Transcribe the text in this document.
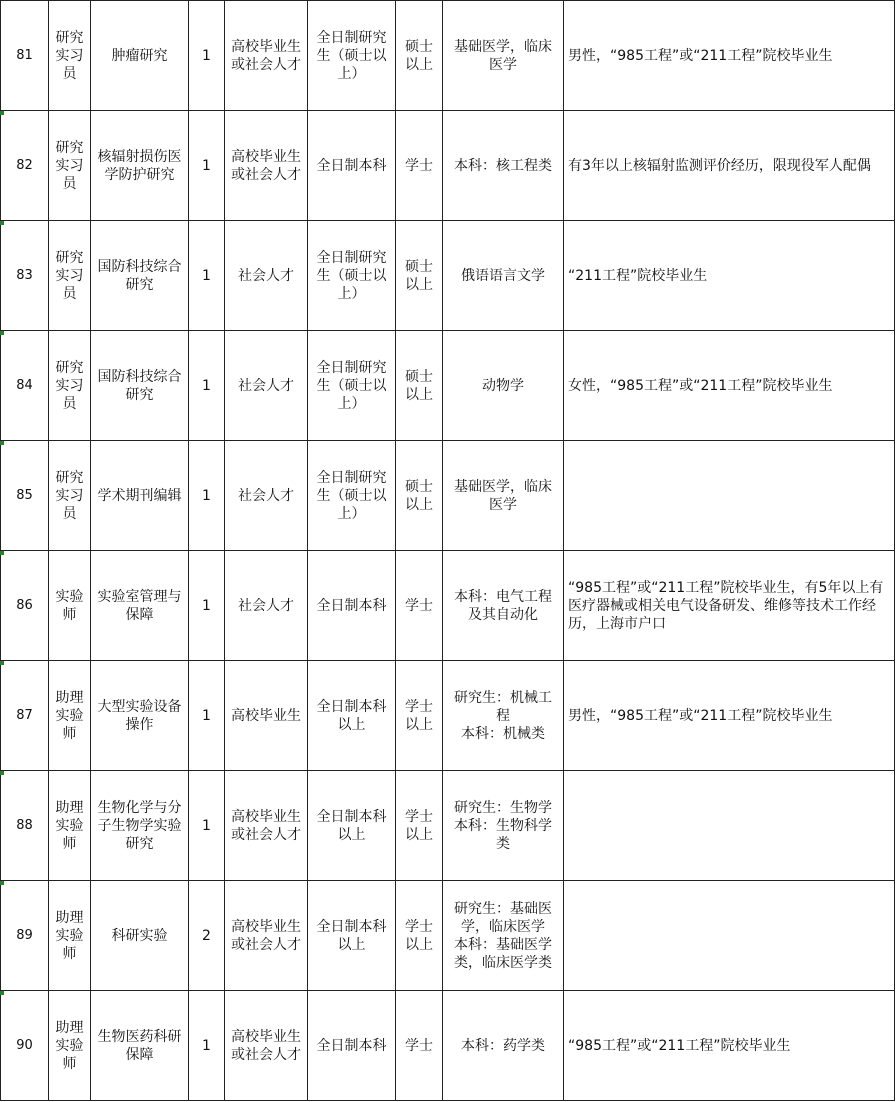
81	研究
实习
员	肿瘤研究	1	高校毕业生
或社会人才	全日制研究
生（硕士以
上）	硕士
以上	基础医学，临床
医学	男性，“985工程”或“211工程”院校毕业生
82	研究
实习
员	核辐射损伤医
学防护研究	1	高校毕业生
或社会人才	全日制本科	学士	本科：核工程类	有3年以上核辐射监测评价经历，限现役军人配偶
83	研究
实习
员	国防科技综合
研究	1	社会人才	全日制研究
生（硕士以
上）	硕士
以上	俄语语言文学	“211工程”院校毕业生
84	研究
实习
员	国防科技综合
研究	1	社会人才	全日制研究
生（硕士以
上）	硕士
以上	动物学	女性，“985工程”或“211工程”院校毕业生
85	研究
实习
员	学术期刊编辑	1	社会人才	全日制研究
生（硕士以
上）	硕士
以上	基础医学，临床
医学	
86	实验
师	实验室管理与
保障	1	社会人才	全日制本科	学士	本科：电气工程
及其自动化	“985工程”或“211工程”院校毕业生，有5年以上有医疗器械或相关电气设备研发、维修等技术工作经历，上海市户口
87	助理
实验
师	大型实验设备
操作	1	高校毕业生	全日制本科
以上	学士
以上	研究生：机械工
程
本科：机械类	男性，“985工程”或“211工程”院校毕业生
88	助理
实验
师	生物化学与分
子生物学实验
研究	1	高校毕业生
或社会人才	全日制本科
以上	学士
以上	研究生：生物学
本科：生物科学
类	
89	助理
实验
师	科研实验	2	高校毕业生
或社会人才	全日制本科
以上	学士
以上	研究生：基础医
学，临床医学
本科：基础医学
类，临床医学类	
90	助理
实验
师	生物医药科研
保障	1	高校毕业生
或社会人才	全日制本科	学士	本科：药学类	“985工程”或“211工程”院校毕业生
